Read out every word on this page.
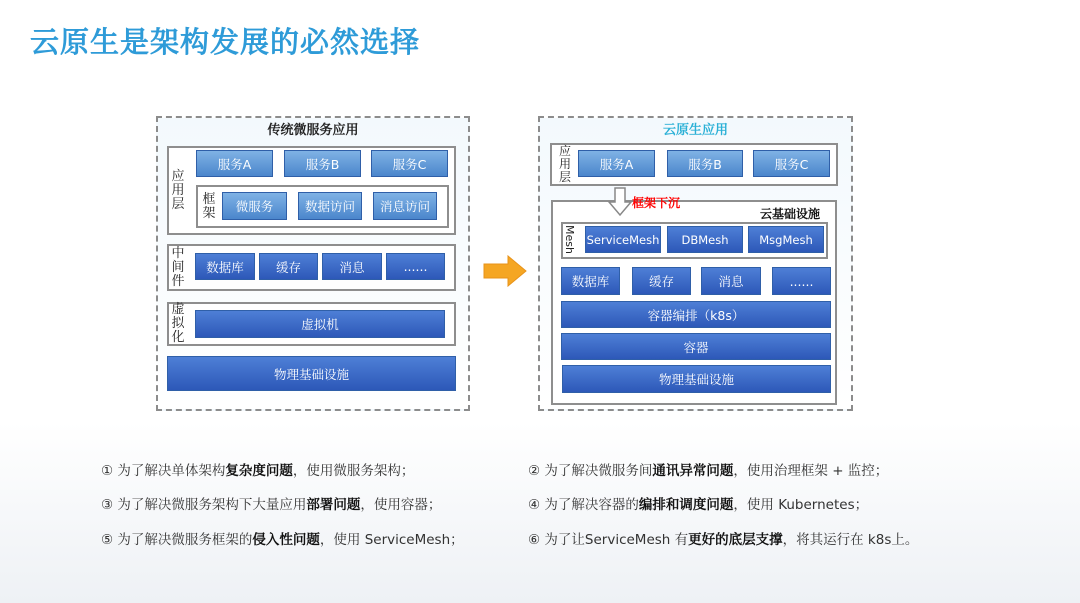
云原生是架构发展的必然选择
传统微服务应用
应用层
服务A	服务B	服务C
框架	微服务	数据访问	消息访问
中间件
数据库	缓存	消息	......
虚拟化
虚拟机
物理基础设施
云原生应用
应用层
服务A	服务B	服务C
框架下沉
云基础设施
Mesh ServiceMesh	DBMesh	MsgMesh
数据库	缓存	消息	......
容器编排（k8s）
容器
物理基础设施
① 为了解决单体架构复杂度问题，使用微服务架构；	② 为了解决微服务间通讯异常问题，使用治理框架 + 监控；
③ 为了解决微服务架构下大量应用部署问题，使用容器；	④ 为了解决容器的编排和调度问题，使用 Kubernetes；
⑤ 为了解决微服务框架的侵入性问题，使用 ServiceMesh；	⑥ 为了让ServiceMesh 有更好的底层支撑，将其运行在 k8s上。
